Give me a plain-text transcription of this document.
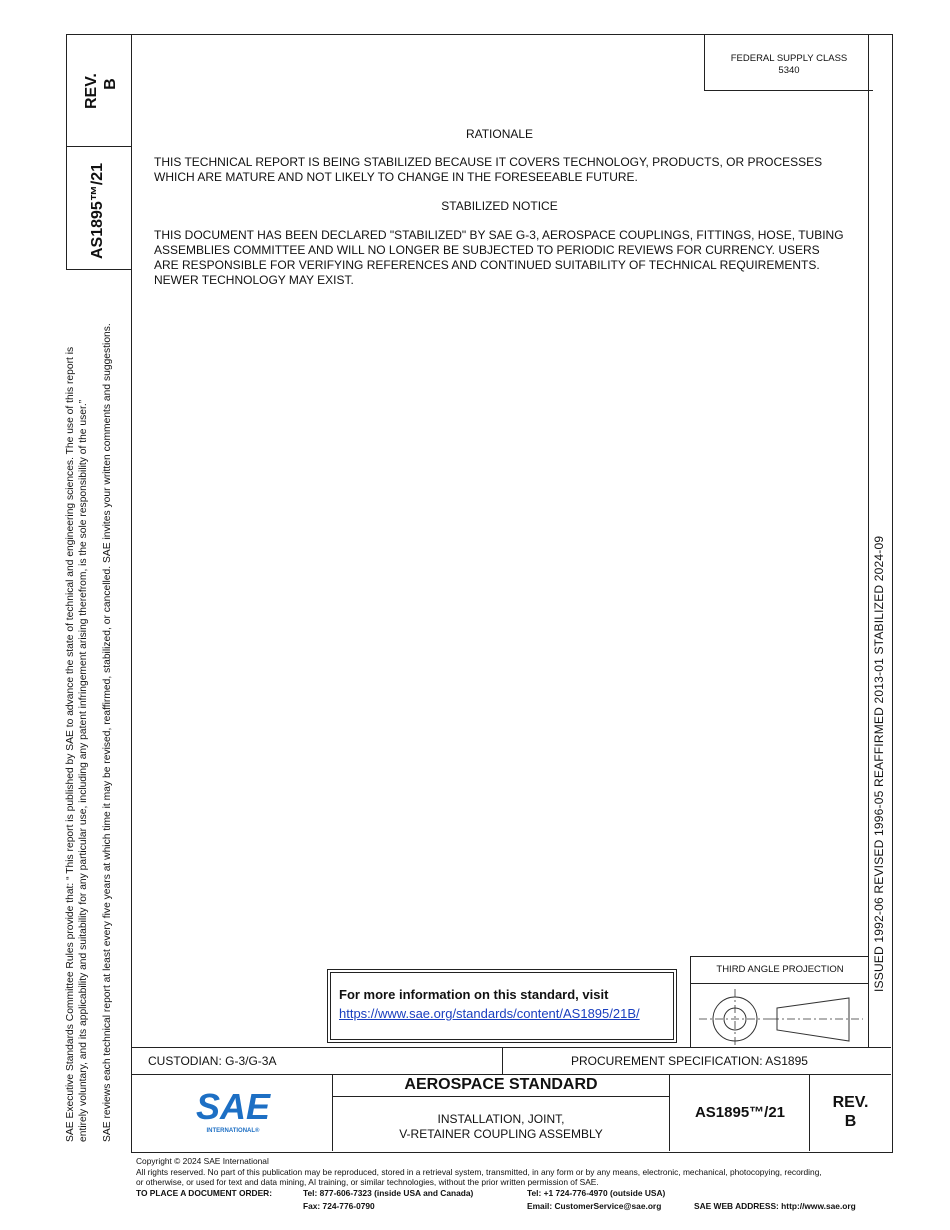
REV. B
AS1895™/21
SAE Executive Standards Committee Rules provide that: “ This report is published by SAE to advance the state of technical and engineering sciences. The use of this report is entirely voluntary, and its applicability and suitability for any particular use, including any patent infringement arising therefrom, is the sole responsibility of the user.” SAE reviews each technical report at least every five years at which time it may be revised, reaffirmed, stabilized, or cancelled. SAE invites your written comments and suggestions.
FEDERAL SUPPLY CLASS
5340
ISSUED 1992-06 REVISED 1996-05 REAFFIRMED 2013-01 STABILIZED 2024-09
RATIONALE
THIS TECHNICAL REPORT IS BEING STABILIZED BECAUSE IT COVERS TECHNOLOGY, PRODUCTS, OR PROCESSES WHICH ARE MATURE AND NOT LIKELY TO CHANGE IN THE FORESEEABLE FUTURE.
STABILIZED NOTICE
THIS DOCUMENT HAS BEEN DECLARED "STABILIZED" BY SAE G-3, AEROSPACE COUPLINGS, FITTINGS, HOSE, TUBING ASSEMBLIES COMMITTEE AND WILL NO LONGER BE SUBJECTED TO PERIODIC REVIEWS FOR CURRENCY. USERS ARE RESPONSIBLE FOR VERIFYING REFERENCES AND CONTINUED SUITABILITY OF TECHNICAL REQUIREMENTS. NEWER TECHNOLOGY MAY EXIST.
For more information on this standard, visit
https://www.sae.org/standards/content/AS1895/21B/
THIRD ANGLE PROJECTION
CUSTODIAN: G-3/G-3A	PROCUREMENT SPECIFICATION: AS1895
SAE
INTERNATIONAL®
AEROSPACE STANDARD
INSTALLATION, JOINT,
V-RETAINER COUPLING ASSEMBLY
AS1895™/21
REV.
B
Copyright © 2024 SAE International
All rights reserved. No part of this publication may be reproduced, stored in a retrieval system, transmitted, in any form or by any means, electronic, mechanical, photocopying, recording,
or otherwise, or used for text and data mining, AI training, or similar technologies, without the prior written permission of SAE.
TO PLACE A DOCUMENT ORDER:	Tel: 877-606-7323 (inside USA and Canada)	Tel: +1 724-776-4970 (outside USA)
Fax: 724-776-0790	Email: CustomerService@sae.org	SAE WEB ADDRESS: http://www.sae.org
